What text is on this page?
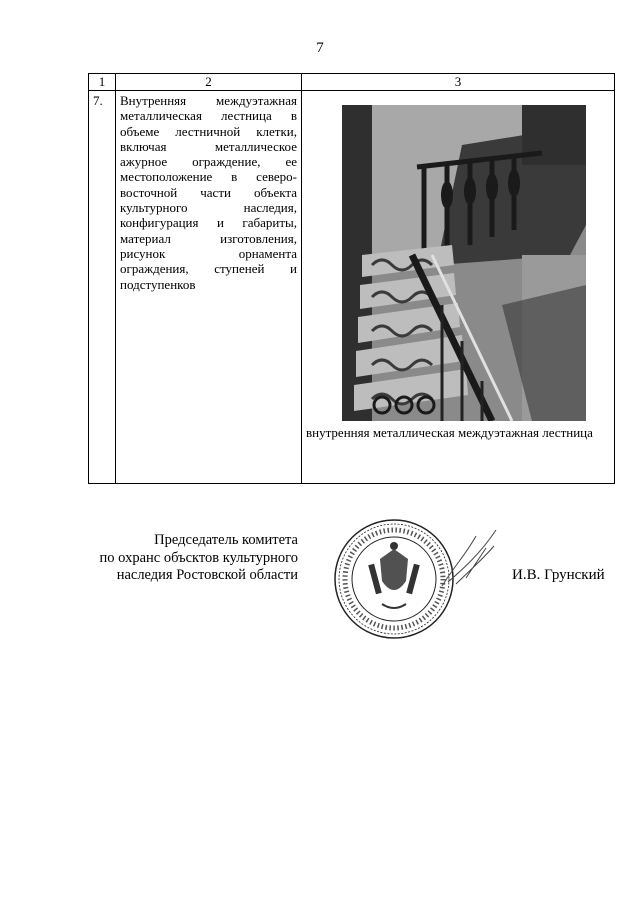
7
1	2	3
7.	Внутренняя междуэтажная металлическая лестница в объеме лестничной клетки, включая металлическое ажурное ограждение, ее местоположение в северо-восточной части объекта культурного наследия, конфигурация и габариты, материал изготовления, рисунок орнамента ограждения, ступеней и подступенков	внутренняя металлическая междуэтажная лестница
Председатель комитета
по охранс объсктов культурного
наследия Ростовской области	И.В. Грунский
